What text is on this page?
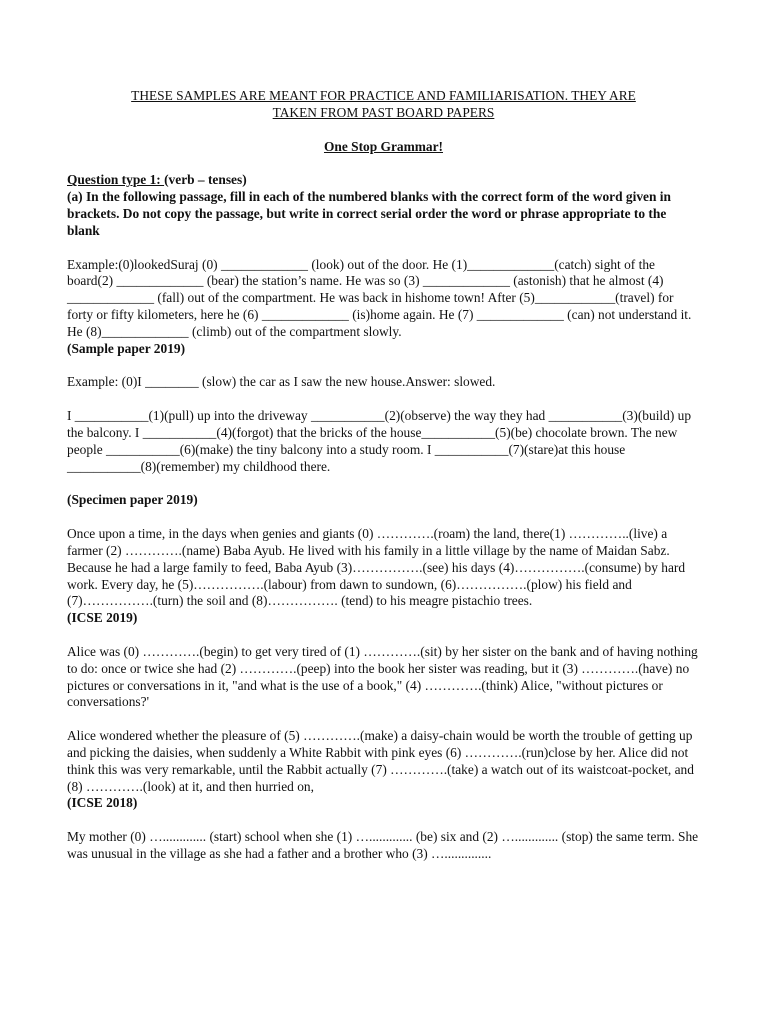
THESE SAMPLES ARE MEANT FOR PRACTICE AND FAMILIARISATION. THEY ARE

TAKEN FROM PAST BOARD PAPERS

One Stop Grammar!

Question type 1: (verb – tenses)

(a) In the following passage, fill in each of the numbered blanks with the correct form of the word given in brackets. Do not copy the passage, but write in correct serial order the word or phrase appropriate to the blank

Example:(0)lookedSuraj (0) _____________ (look) out of the door. He (1)_____________(catch) sight of the board(2) _____________ (bear) the station’s name. He was so (3) _____________ (astonish) that he almost (4) _____________ (fall) out of the compartment. He was back in hishome town! After (5)____________(travel) for forty or fifty kilometers, here he (6) _____________ (is)home again. He (7) _____________ (can) not understand it. He (8)_____________ (climb) out of the compartment slowly.

(Sample paper 2019)

Example: (0)I ________ (slow) the car as I saw the new house.Answer: slowed.

I ___________(1)(pull) up into the driveway ___________(2)(observe) the way they had ___________(3)(build) up the balcony. I ___________(4)(forgot) that the bricks of the house___________(5)(be) chocolate brown. The new people ___________(6)(make) the tiny balcony into a study room. I ___________(7)(stare)at this house ___________(8)(remember) my childhood there.

(Specimen paper 2019)

Once upon a time, in the days when genies and giants (0) ………….(roam) the land, there(1) …………..(live) a farmer (2) ………….(name) Baba Ayub. He lived with his family in a little village by the name of Maidan Sabz. Because he had a large family to feed, Baba Ayub (3)…………….(see) his days (4)…………….(consume) by hard work. Every day, he (5)…………….(labour) from dawn to sundown, (6)…………….(plow) his field and (7)…………….(turn) the soil and (8)……………. (tend) to his meagre pistachio trees.

(ICSE 2019)

Alice was (0) ………….(begin) to get very tired of (1) ………….(sit) by her sister on the bank and of having nothing to do: once or twice she had (2) ………….(peep) into the book her sister was reading, but it (3) ………….(have) no pictures or conversations in it, "and what is the use of a book," (4) ………….(think) Alice, "without pictures or conversations?'

Alice wondered whether the pleasure of (5) ………….(make) a daisy-chain would be worth the trouble of getting up and picking the daisies, when suddenly a White Rabbit with pink eyes (6) ………….(run)close by her. Alice did not think this was very remarkable, until the Rabbit actually (7) ………….(take) a watch out of its waistcoat-pocket, and (8) ………….(look) at it, and then hurried on,

(ICSE 2018)

My mother (0) …............. (start) school when she (1) …............. (be) six and (2) …............. (stop) the same term. She was unusual in the village as she had a father and a brother who (3) …..............
